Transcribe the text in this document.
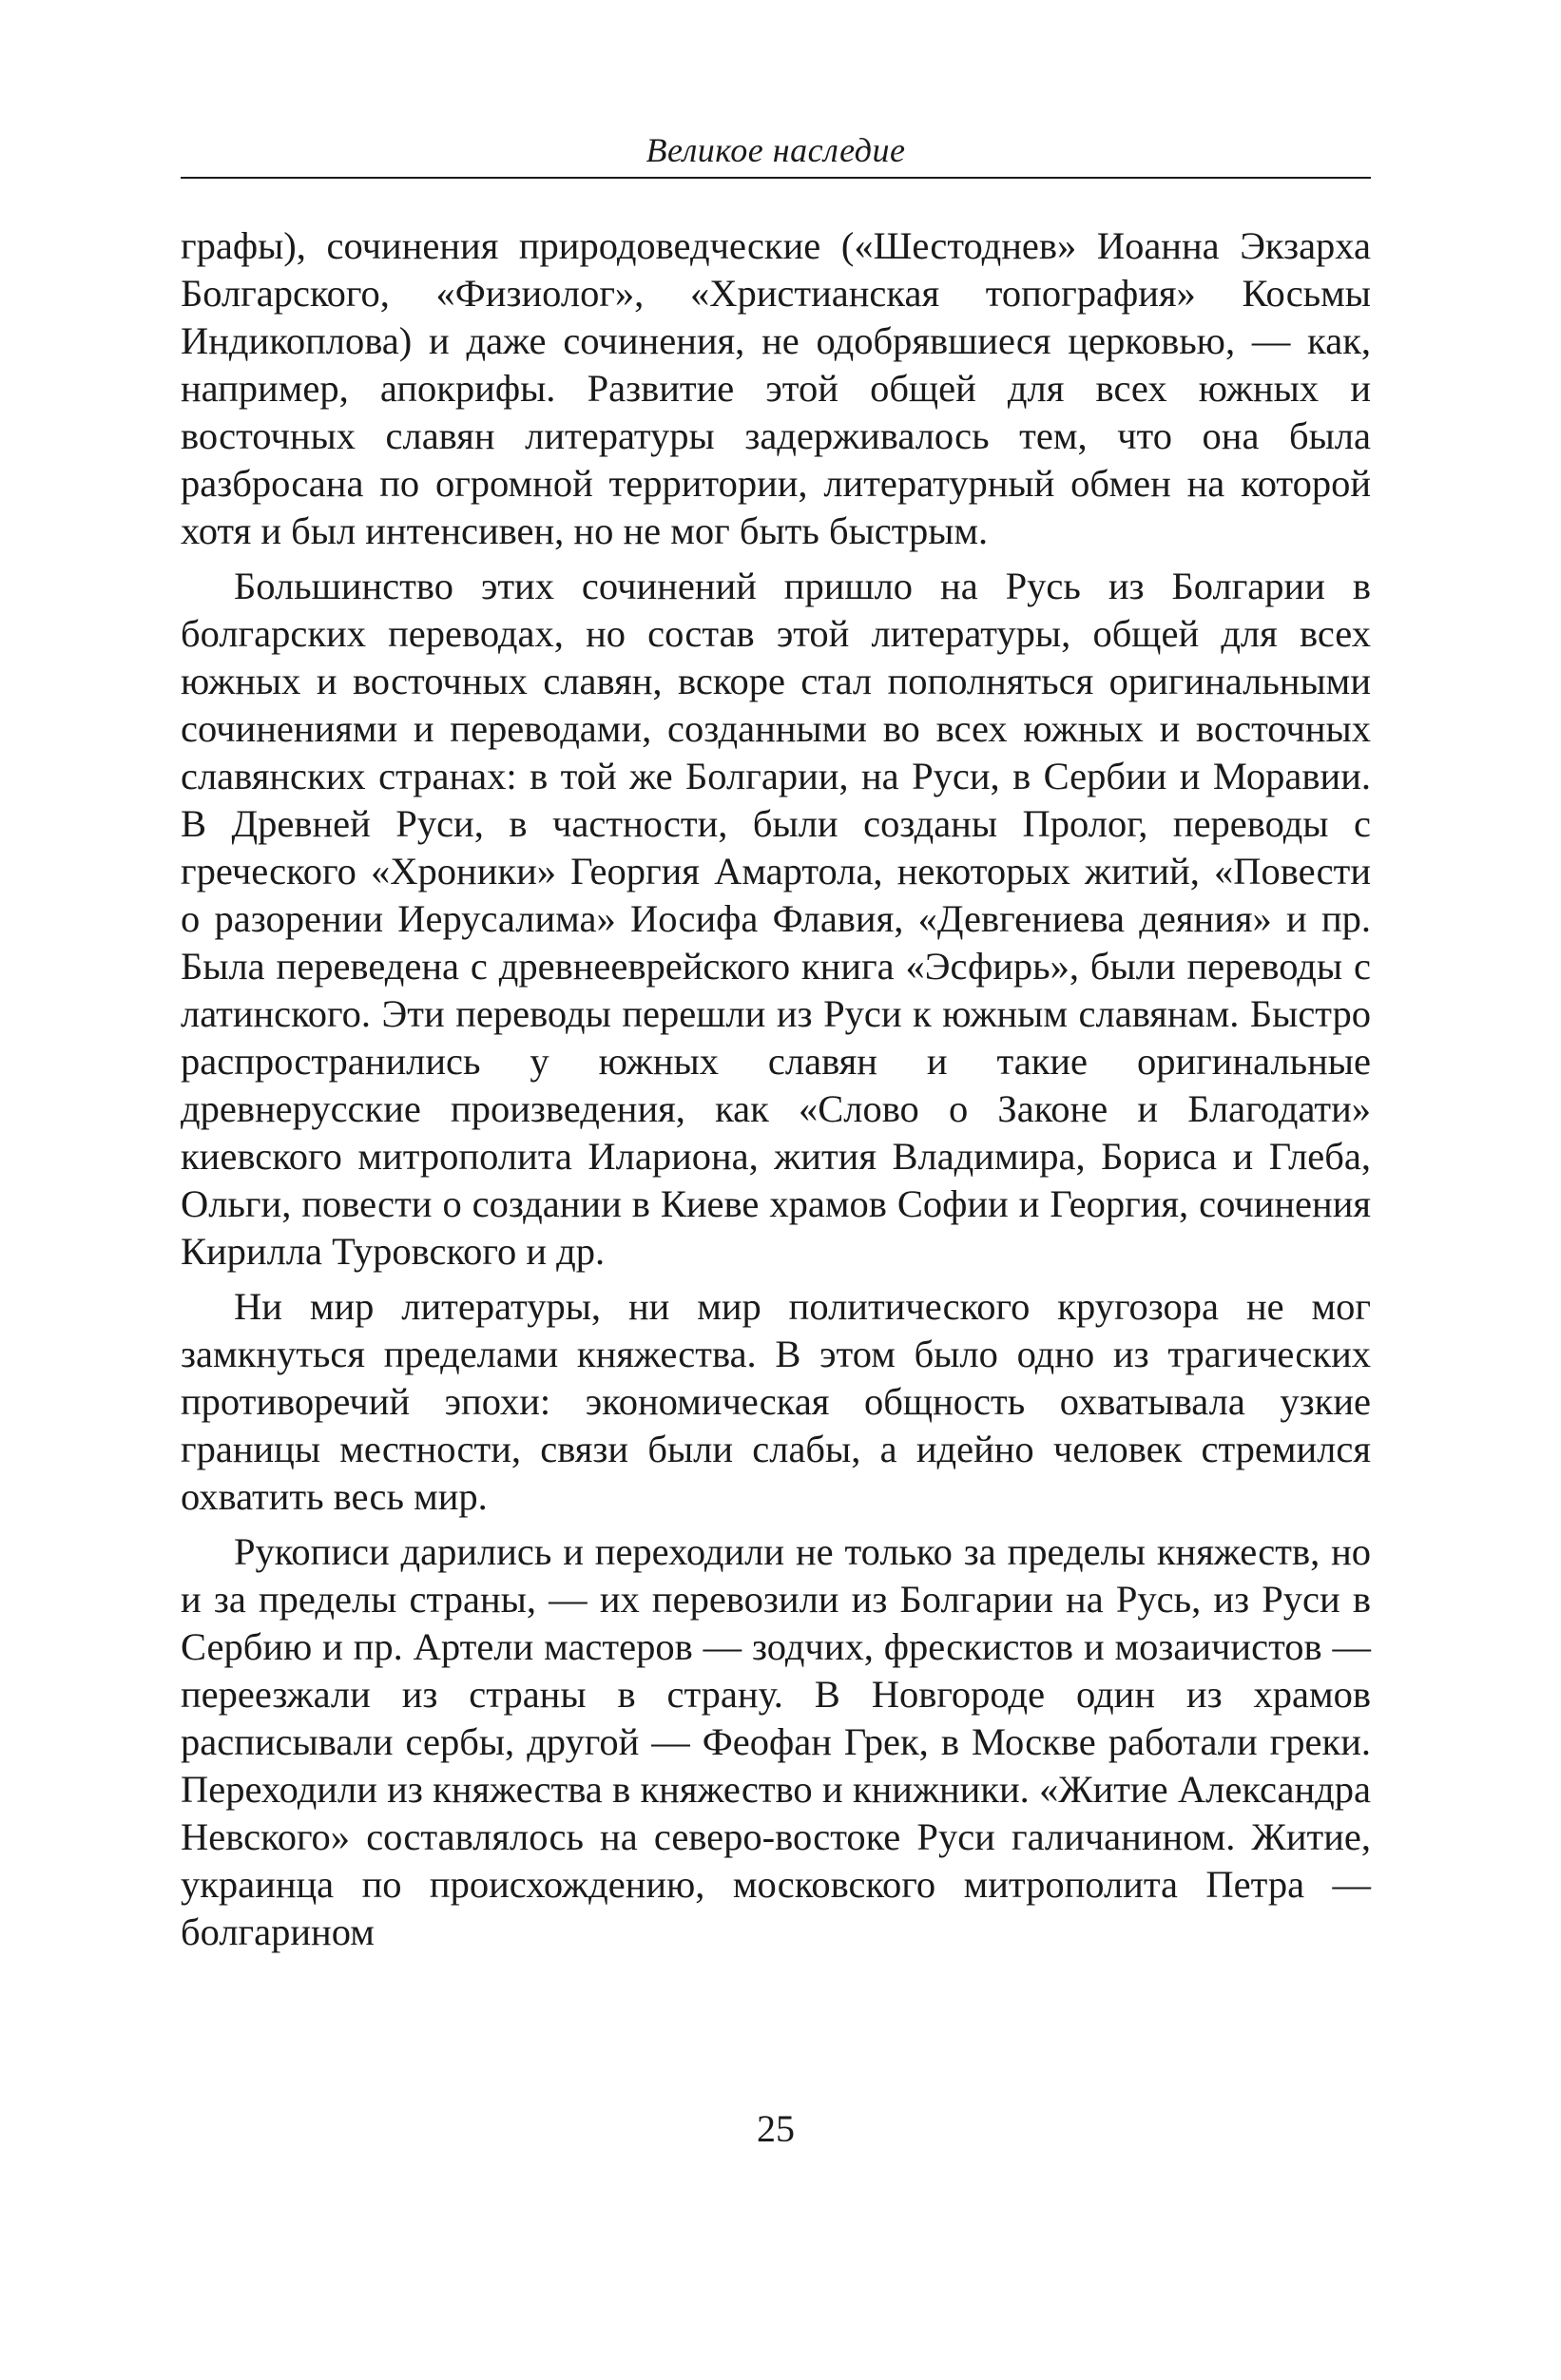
Великое наследие

графы), сочинения природоведческие («Шестоднев» Иоанна Экзарха Болгарского, «Физиолог», «Христианская топография» Косьмы Индикоплова) и даже сочинения, не одобрявшиеся церковью, — как, например, апокрифы. Развитие этой общей для всех южных и восточных славян литературы задерживалось тем, что она была разбросана по огромной территории, литературный обмен на которой хотя и был интенсивен, но не мог быть быстрым.

Большинство этих сочинений пришло на Русь из Болгарии в болгарских переводах, но состав этой литературы, общей для всех южных и восточных славян, вскоре стал пополняться оригинальными сочинениями и переводами, созданными во всех южных и восточных славянских странах: в той же Болгарии, на Руси, в Сербии и Моравии. В Древней Руси, в частности, были созданы Пролог, переводы с греческого «Хроники» Георгия Амартола, некоторых житий, «Повести о разорении Иерусалима» Иосифа Флавия, «Девгениева деяния» и пр. Была переведена с древнееврейского книга «Эсфирь», были переводы с латинского. Эти переводы перешли из Руси к южным славянам. Быстро распространились у южных славян и такие оригинальные древнерусские произведения, как «Слово о Законе и Благодати» киевского митрополита Илариона, жития Владимира, Бориса и Глеба, Ольги, повести о создании в Киеве храмов Софии и Георгия, сочинения Кирилла Туровского и др.

Ни мир литературы, ни мир политического кругозора не мог замкнуться пределами княжества. В этом было одно из трагических противоречий эпохи: экономическая общность охватывала узкие границы местности, связи были слабы, а идейно человек стремился охватить весь мир.

Рукописи дарились и переходили не только за пределы княжеств, но и за пределы страны, — их перевозили из Болгарии на Русь, из Руси в Сербию и пр. Артели мастеров — зодчих, фрескистов и мозаичистов — переезжали из страны в страну. В Новгороде один из храмов расписывали сербы, другой — Феофан Грек, в Москве работали греки. Переходили из княжества в княжество и книжники. «Житие Александра Невского» составлялось на северо-востоке Руси галичанином. Житие, украинца по происхождению, московского митрополита Петра — болгарином

25
